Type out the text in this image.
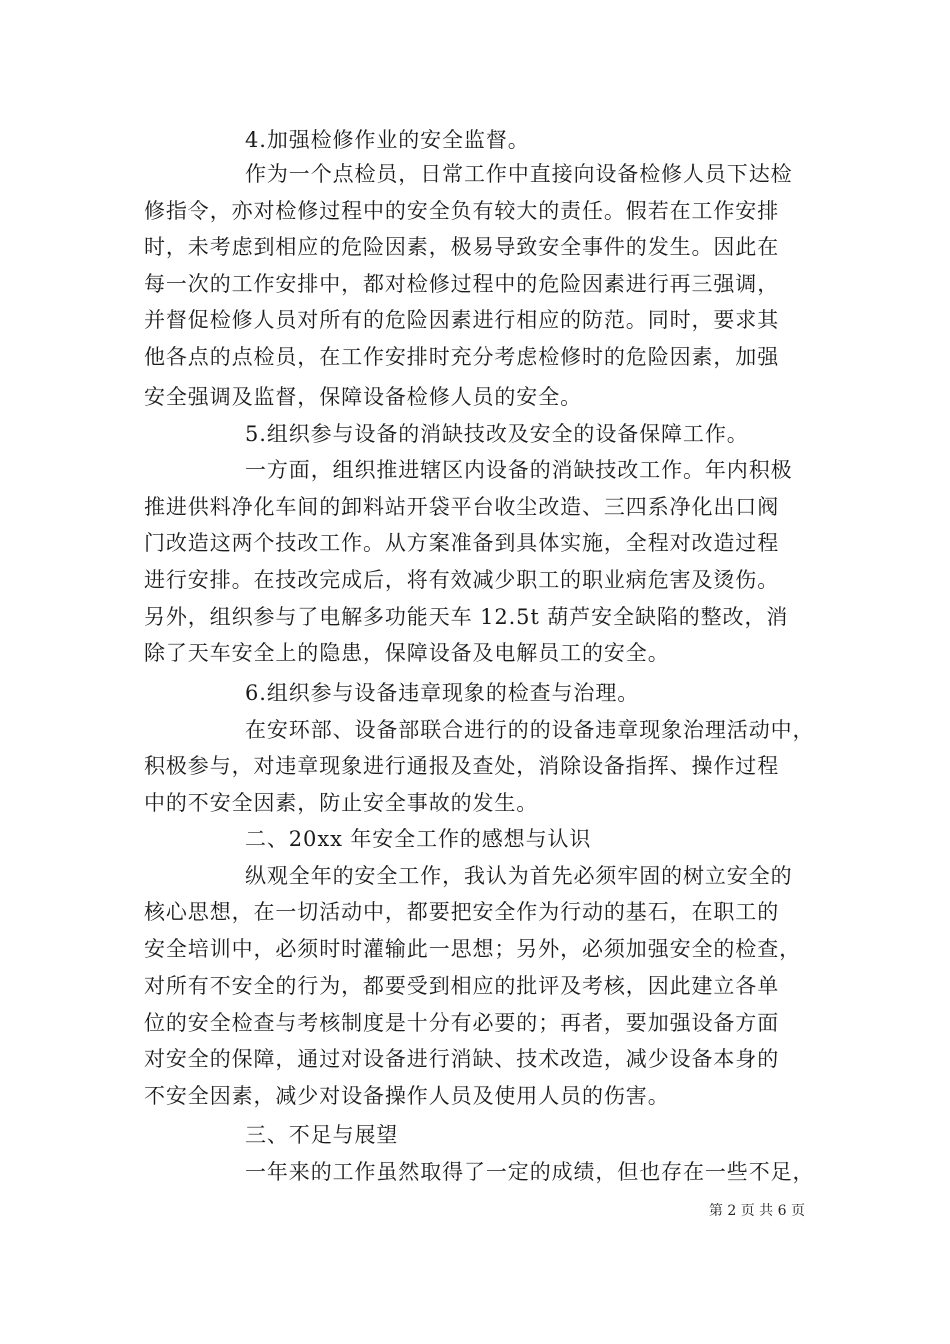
4.加强检修作业的安全监督。
作为一个点检员，日常工作中直接向设备检修人员下达检
修指令，亦对检修过程中的安全负有较大的责任。假若在工作安排
时，未考虑到相应的危险因素，极易导致安全事件的发生。因此在
每一次的工作安排中，都对检修过程中的危险因素进行再三强调，
并督促检修人员对所有的危险因素进行相应的防范。同时，要求其
他各点的点检员，在工作安排时充分考虑检修时的危险因素，加强
安全强调及监督，保障设备检修人员的安全。
5.组织参与设备的消缺技改及安全的设备保障工作。
一方面，组织推进辖区内设备的消缺技改工作。年内积极
推进供料净化车间的卸料站开袋平台收尘改造、三四系净化出口阀
门改造这两个技改工作。从方案准备到具体实施，全程对改造过程
进行安排。在技改完成后，将有效减少职工的职业病危害及烫伤。
另外，组织参与了电解多功能天车 12.5t 葫芦安全缺陷的整改，消
除了天车安全上的隐患，保障设备及电解员工的安全。
6.组织参与设备违章现象的检查与治理。
在安环部、设备部联合进行的的设备违章现象治理活动中，
积极参与，对违章现象进行通报及查处，消除设备指挥、操作过程
中的不安全因素，防止安全事故的发生。
二、20xx 年安全工作的感想与认识
纵观全年的安全工作，我认为首先必须牢固的树立安全的
核心思想，在一切活动中，都要把安全作为行动的基石，在职工的
安全培训中，必须时时灌输此一思想；另外，必须加强安全的检查，
对所有不安全的行为，都要受到相应的批评及考核，因此建立各单
位的安全检查与考核制度是十分有必要的；再者，要加强设备方面
对安全的保障，通过对设备进行消缺、技术改造，减少设备本身的
不安全因素，减少对设备操作人员及使用人员的伤害。
三、不足与展望
一年来的工作虽然取得了一定的成绩，但也存在一些不足，
第 2 页 共 6 页
